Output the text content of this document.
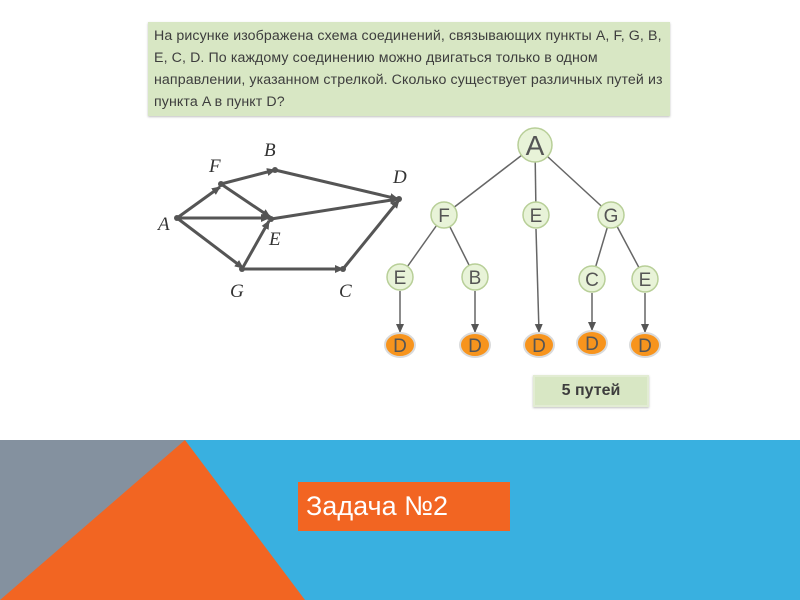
На рисунке изображена схема соединений, связывающих пункты A, F, G, B, E, C, D. По каждому соединению можно двигаться только в одном направлении, указанном стрелкой. Сколько существует различных путей из пункта A в пункт D?
A
F
B
D
E
G	C
A
F	E	G
E	B	C E
D	D	D D D
5 путей
Задача №2
